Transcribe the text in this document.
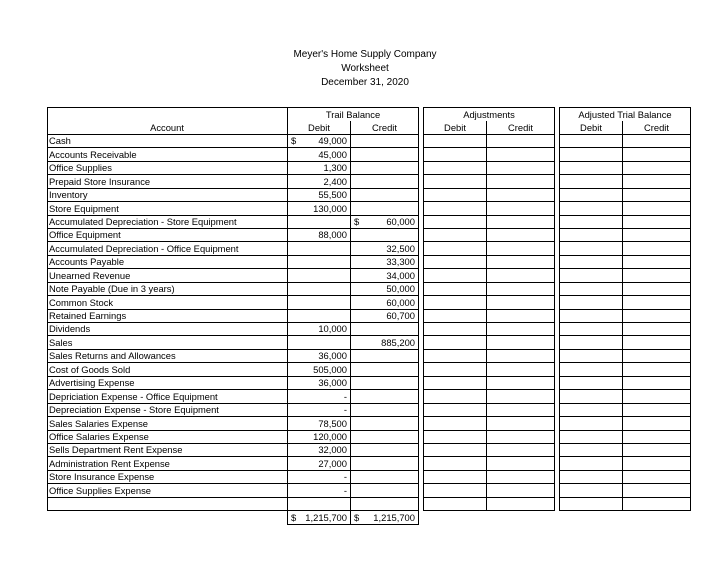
Meyer's Home Supply Company
Worksheet
December 31, 2020
	Trail Balance			Adjustments			Adjusted Trial Balance	
Account	Debit	Credit		Debit	Credit		Debit	Credit
Cash	$ 49,000							
Accounts Receivable	45,000							
Office Supplies	1,300							
Prepaid Store Insurance	2,400							
Inventory	55,500							
Store Equipment	130,000							
Accumulated Depreciation - Store Equipment		$ 60,000						
Office Equipment	88,000							
Accumulated Depreciation - Office Equipment		32,500						
Accounts Payable		33,300						
Unearned Revenue		34,000						
Note Payable (Due in 3 years)		50,000						
Common Stock		60,000						
Retained Earnings		60,700						
Dividends	10,000							
Sales		885,200						
Sales Returns and Allowances	36,000							
Cost of Goods Sold	505,000							
Advertising Expense	36,000							
Depriciation Expense - Office Equipment	-							
Depreciation Expense - Store Equipment	-							
Sales Salaries Expense	78,500							
Office Salaries Expense	120,000							
Sells Department Rent Expense	32,000							
Administration Rent Expense	27,000							
Store Insurance Expense	-							
Office Supplies Expense	-							

	$ 1,215,700	$ 1,215,700						
